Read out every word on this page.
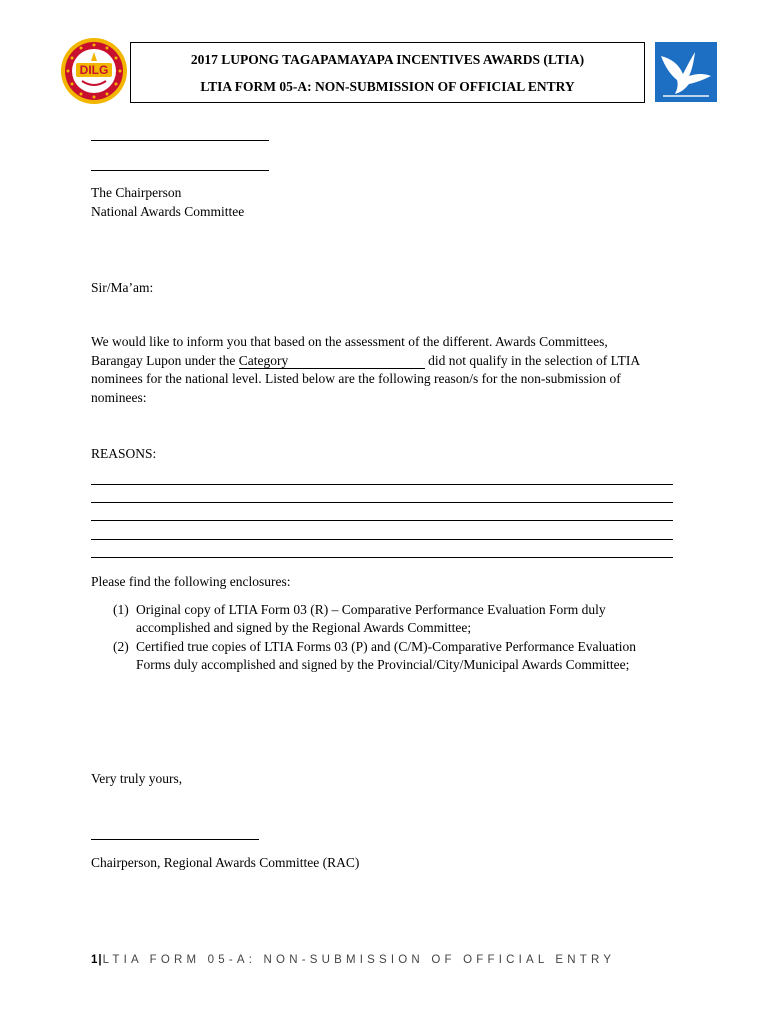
DILG
2017 LUPONG TAGAPAMAYAPA INCENTIVES AWARDS (LTIA)
LTIA FORM 05-A: NON-SUBMISSION OF OFFICIAL ENTRY
The Chairperson
National Awards Committee
Sir/Ma’am:
We would like to inform you that based on the assessment of the different. Awards Committees,
Barangay Lupon under the Category	did not qualify in the selection of LTIA
nominees for the national level. Listed below are the following reason/s for the non-submission of
nominees:
REASONS:
Please find the following enclosures:
(1) Original copy of LTIA Form 03 (R) – Comparative Performance Evaluation Form duly
accomplished and signed by the Regional Awards Committee;
(2) Certified true copies of LTIA Forms 03 (P) and (C/M)-Comparative Performance Evaluation
Forms duly accomplished and signed by the Provincial/City/Municipal Awards Committee;
Very truly yours,
Chairperson, Regional Awards Committee (RAC)
1|LTIA FORM 05-A: NON-SUBMISSION OF OFFICIAL ENTRY
